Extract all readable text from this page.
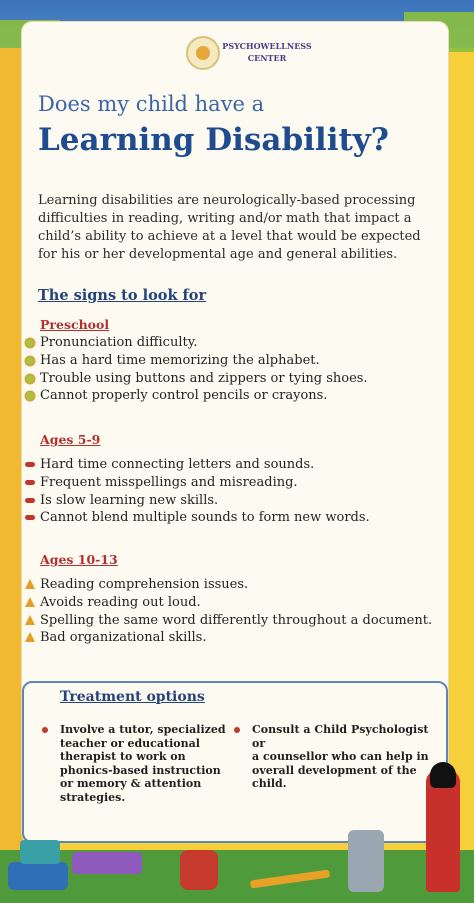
PSYCHOWELLNESS
CENTER
Does my child have a
Learning Disability?
Learning disabilities are neurologically-based processing difficulties in reading, writing and/or math that impact a child’s ability to achieve at a level that would be expected for his or her developmental age and general abilities.
The signs to look for
Preschool
Pronunciation difficulty.
Has a hard time memorizing the alphabet.
Trouble using buttons and zippers or tying shoes.
Cannot properly control pencils or crayons.
Ages 5-9
Hard time connecting letters and sounds.
Frequent misspellings and misreading.
Is slow learning new skills.
Cannot blend multiple sounds to form new words.
Ages 10-13
Reading comprehension issues.
Avoids reading out loud.
Spelling the same word differently throughout a document.
Bad organizational skills.
Treatment options
Involve a tutor, specialized
teacher or educational
therapist to work on
phonics-based instruction
or memory & attention
strategies.
Consult a Child Psychologist or
a counsellor who can help in
overall development of the child.
